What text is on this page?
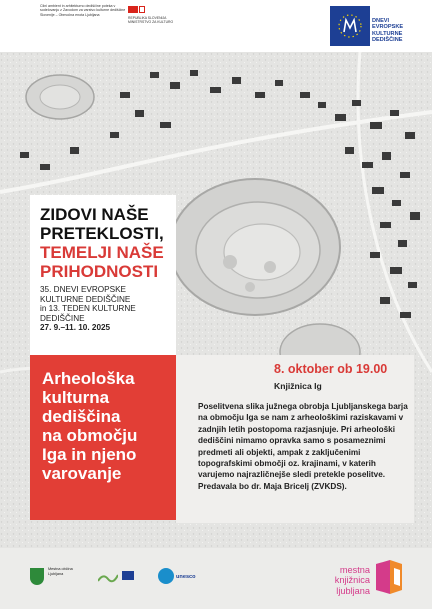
Cilni ambient in arhitekturno dediščine poteka v sodelovanju z Zavodom za varstvo kulturne dediščine Slovenije – Območna enota Ljubljana
REPUBLIKA SLOVENIJA MINISTRSTVO ZA KULTURO	DNEVI
EVROPSKE
KULTURNE
DEDIŠČINE
ZIDOVI NAŠE
PRETEKLOSTI,
TEMELJI NAŠE
PRIHODNOSTI
35. DNEVI EVROPSKE
KULTURNE DEDIŠČINE
in 13. TEDEN KULTURNE
DEDIŠČINE
27. 9.–11. 10. 2025
Arheološka
kulturna
dediščina
na območju
Iga in njeno
varovanje
8. oktober ob 19.00
Knjižnica Ig
Poselitvena slika južnega obrobja Ljubljanskega barja na območju Iga se nam z arheološkimi raziskavami v zadnjih letih postopoma razjasnjuje. Pri arheološki dediščini nimamo opravka samo s posameznimi predmeti ali objekti, ampak z zaključenimi topografskimi območji oz. krajinami, v katerih varujemo najrazličnejše sledi pretekle poselitve. Predavala bo dr. Maja Bricelj (ZVKDS).
Mestna občina Ljubljana
unesco
mestna
knjižnica
ljubljana
